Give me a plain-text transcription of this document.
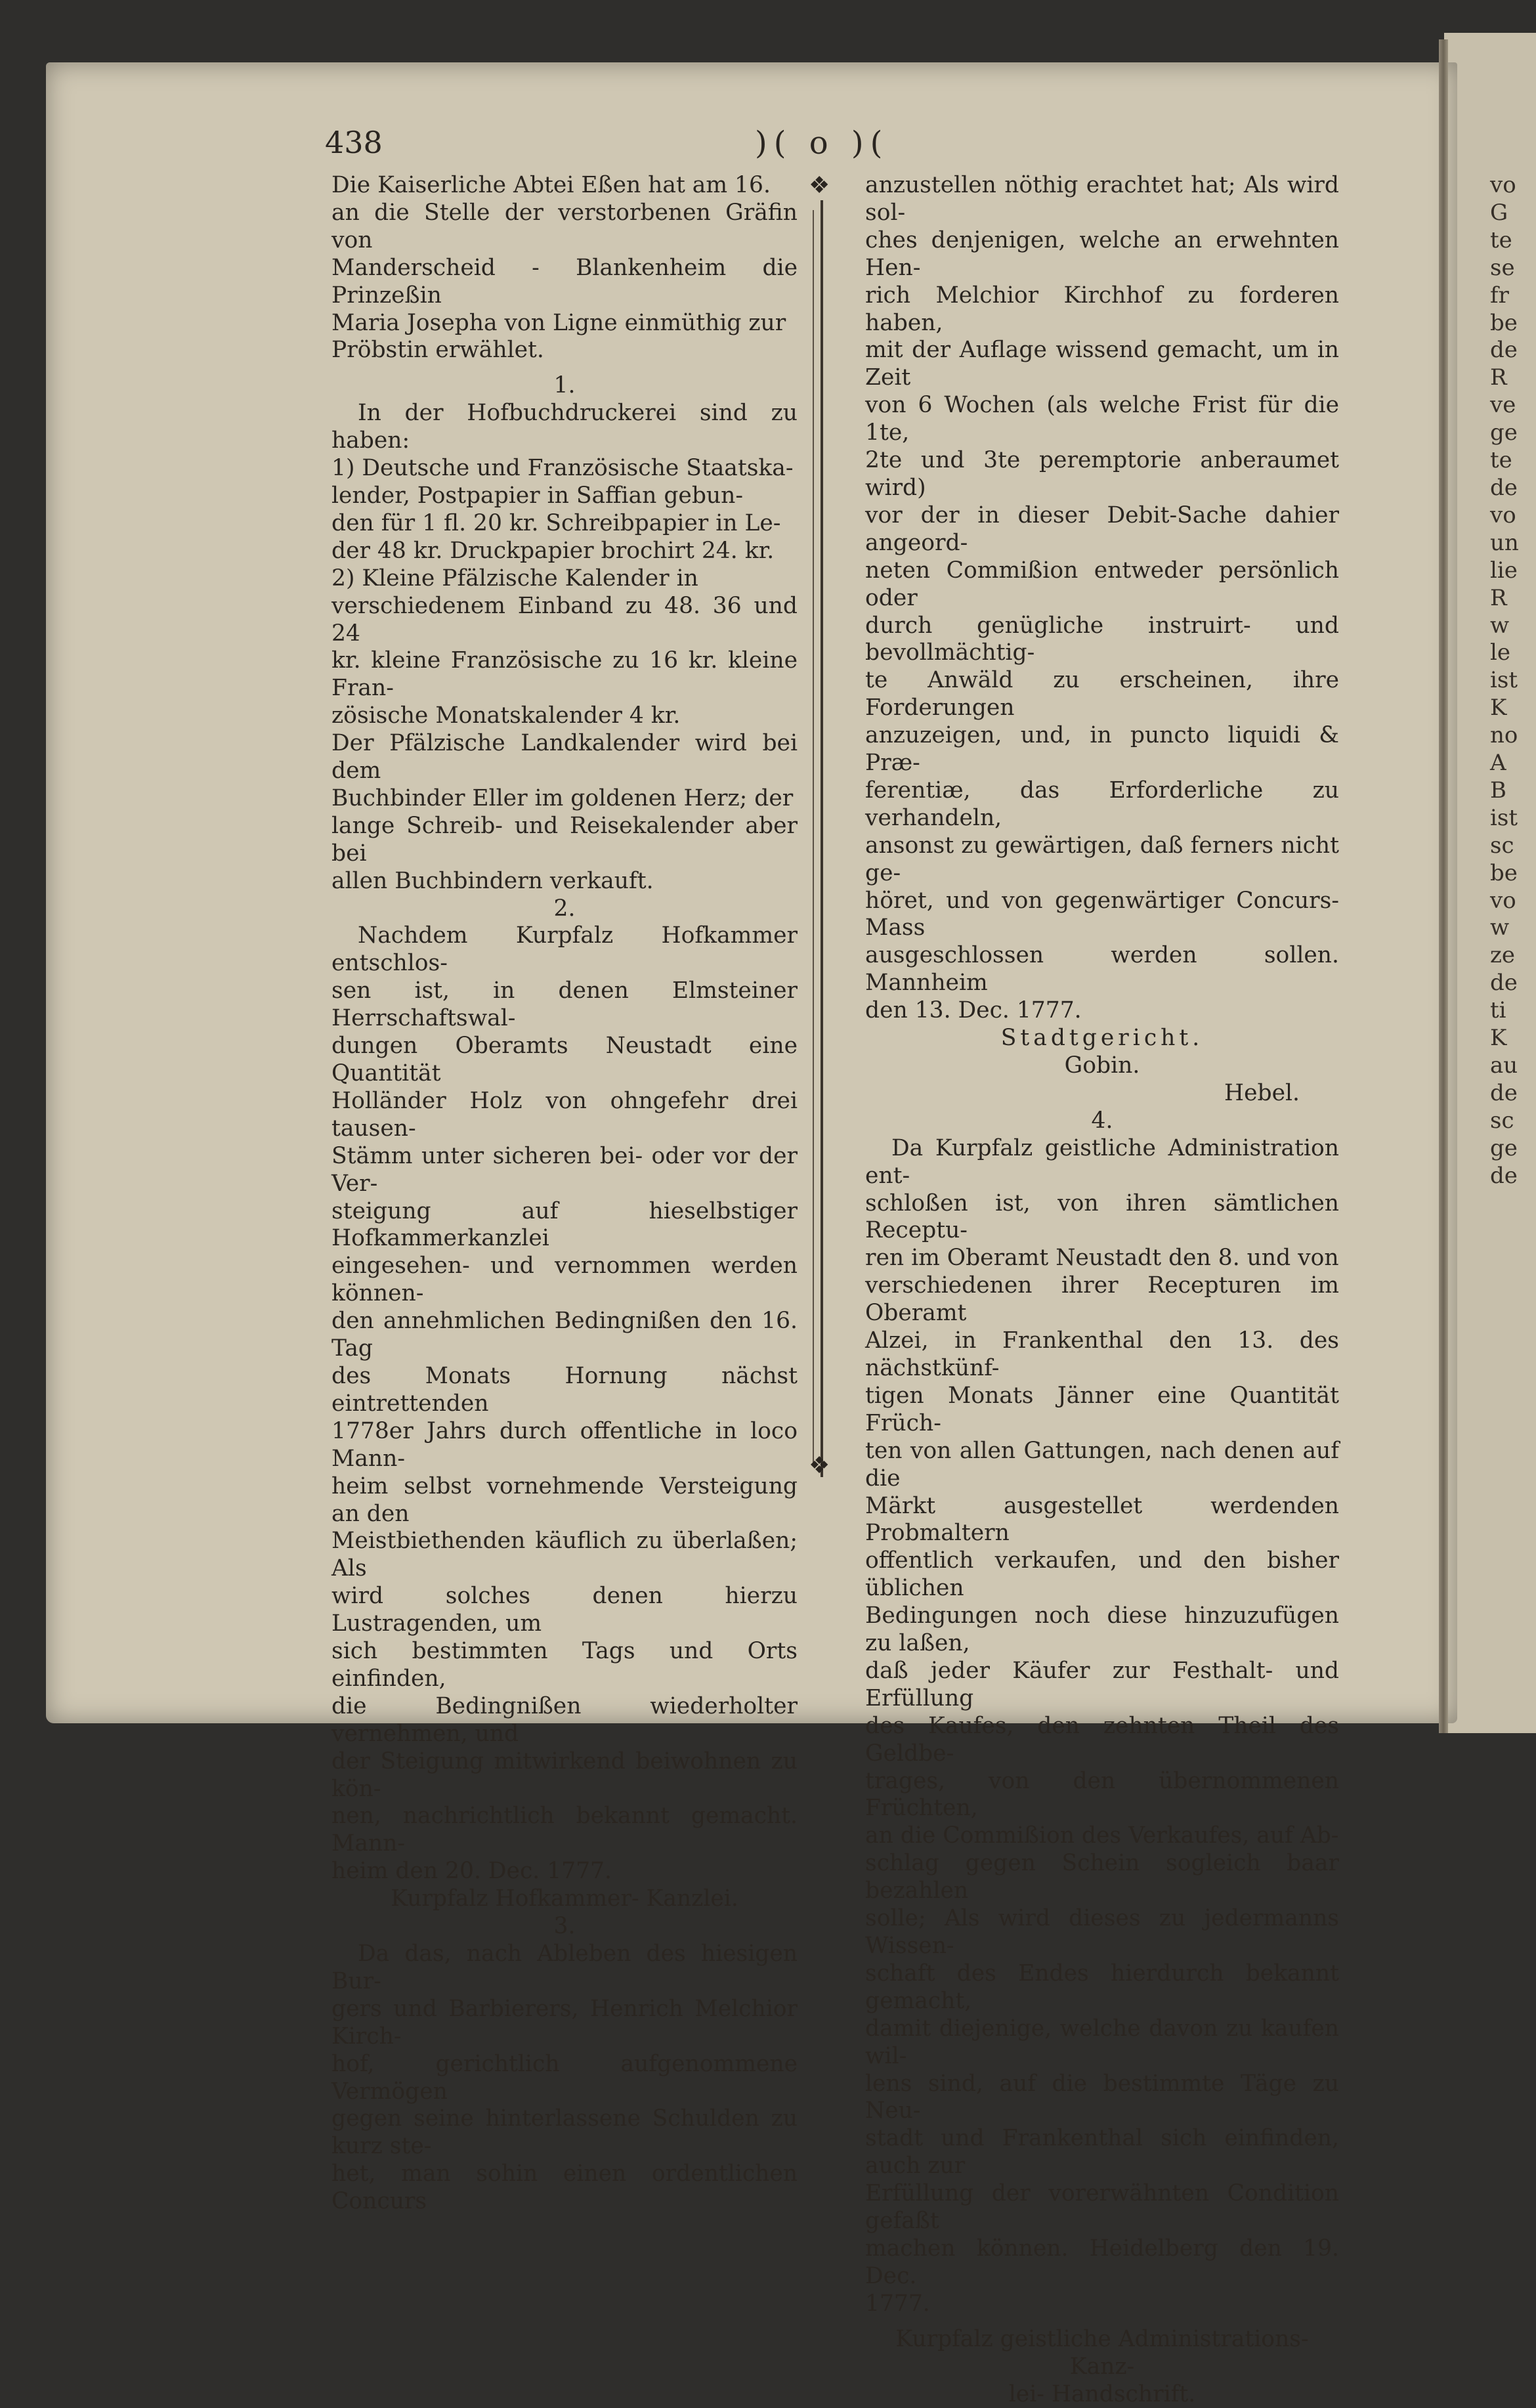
438	)( o )(

Die Kaiserliche Abtei Eßen hat am 16.

an die Stelle der verstorbenen Gräfin von

Manderscheid - Blankenheim die Prinzeßin

Maria Josepha von Ligne einmüthig zur

Pröbstin erwählet.

1.

In der Hofbuchdruckerei sind zu haben:

1) Deutsche und Französische Staatska-

lender, Postpapier in Saffian gebun-

den für 1 fl. 20 kr. Schreibpapier in Le-

der 48 kr. Druckpapier brochirt 24. kr.

2) Kleine Pfälzische Kalender in

verschiedenem Einband zu 48. 36 und 24

kr. kleine Französische zu 16 kr. kleine Fran-

zösische Monatskalender 4 kr.

Der Pfälzische Landkalender wird bei dem

Buchbinder Eller im goldenen Herz; der

lange Schreib- und Reisekalender aber bei

allen Buchbindern verkauft.

2.

Nachdem Kurpfalz Hofkammer entschlos-

sen ist, in denen Elmsteiner Herrschaftswal-

dungen Oberamts Neustadt eine Quantität

Holländer Holz von ohngefehr drei tausen-

Stämm unter sicheren bei- oder vor der Ver-

steigung auf hieselbstiger Hofkammerkanzlei

eingesehen- und vernommen werden können-

den annehmlichen Bedingnißen den 16. Tag

des Monats Hornung nächst eintrettenden

1778er Jahrs durch offentliche in loco Mann-

heim selbst vornehmende Versteigung an den

Meistbiethenden käuflich zu überlaßen; Als

wird solches denen hierzu Lustragenden, um

sich bestimmten Tags und Orts einfinden,

die Bedingnißen wiederholter vernehmen, und

der Steigung mitwirkend beiwohnen zu kön-

nen, nachrichtlich bekannt gemacht. Mann-

heim den 20. Dec. 1777.

Kurpfalz Hofkammer- Kanzlei.

3.

Da das, nach Ableben des hiesigen Bur-

gers und Barbierers, Henrich Melchior Kirch-

hof, gerichtlich aufgenommene Vermögen

gegen seine hinterlassene Schulden zu kurz ste-

het, man sohin einen ordentlichen Concurs

❖
❖

anzustellen nöthig erachtet hat; Als wird sol-

ches denjenigen, welche an erwehnten Hen-

rich Melchior Kirchhof zu forderen haben,

mit der Auflage wissend gemacht, um in Zeit

von 6 Wochen (als welche Frist für die 1te,

2te und 3te peremptorie anberaumet wird)

vor der in dieser Debit-Sache dahier angeord-

neten Commißion entweder persönlich oder

durch genügliche instruirt- und bevollmächtig-

te Anwäld zu erscheinen, ihre Forderungen

anzuzeigen, und, in puncto liquidi & Præ-

ferentiæ, das Erforderliche zu verhandeln,

ansonst zu gewärtigen, daß ferners nicht ge-

höret, und von gegenwärtiger Concurs-Mass

ausgeschlossen werden sollen. Mannheim

den 13. Dec. 1777.

Stadtgericht.

Gobin.

Hebel.

4.

Da Kurpfalz geistliche Administration ent-

schloßen ist, von ihren sämtlichen Receptu-

ren im Oberamt Neustadt den 8. und von

verschiedenen ihrer Recepturen im Oberamt

Alzei, in Frankenthal den 13. des nächstkünf-

tigen Monats Jänner eine Quantität Früch-

ten von allen Gattungen, nach denen auf die

Märkt ausgestellet werdenden Probmaltern

offentlich verkaufen, und den bisher üblichen

Bedingungen noch diese hinzuzufügen zu laßen,

daß jeder Käufer zur Festhalt- und Erfüllung

des Kaufes, den zehnten Theil des Geldbe-

trages, von den übernommenen Früchten,

an die Commißion des Verkaufes, auf Ab-

schlag gegen Schein sogleich baar bezahlen

solle; Als wird dieses zu jedermanns Wissen-

schaft des Endes hierdurch bekannt gemacht,

damit diejenige, welche davon zu kaufen wil-

lens sind, auf die bestimmte Täge zu Neu-

stadt und Frankenthal sich einfinden, auch zur

Erfüllung der vorerwähnten Condition gefaßt

machen können. Heidelberg den 19. Dec.

1777.

Kurpfalz geistliche Administrations- Kanz-

lei- Handschrift.

vo

G

te

se

fr

be

de

R

ve

ge

te

de

vo

un

lie

R

w

le

ist

K

no

A

B

ist

sc

be

vo

w

ze

de

ti

K

au

de

sc

ge

de
